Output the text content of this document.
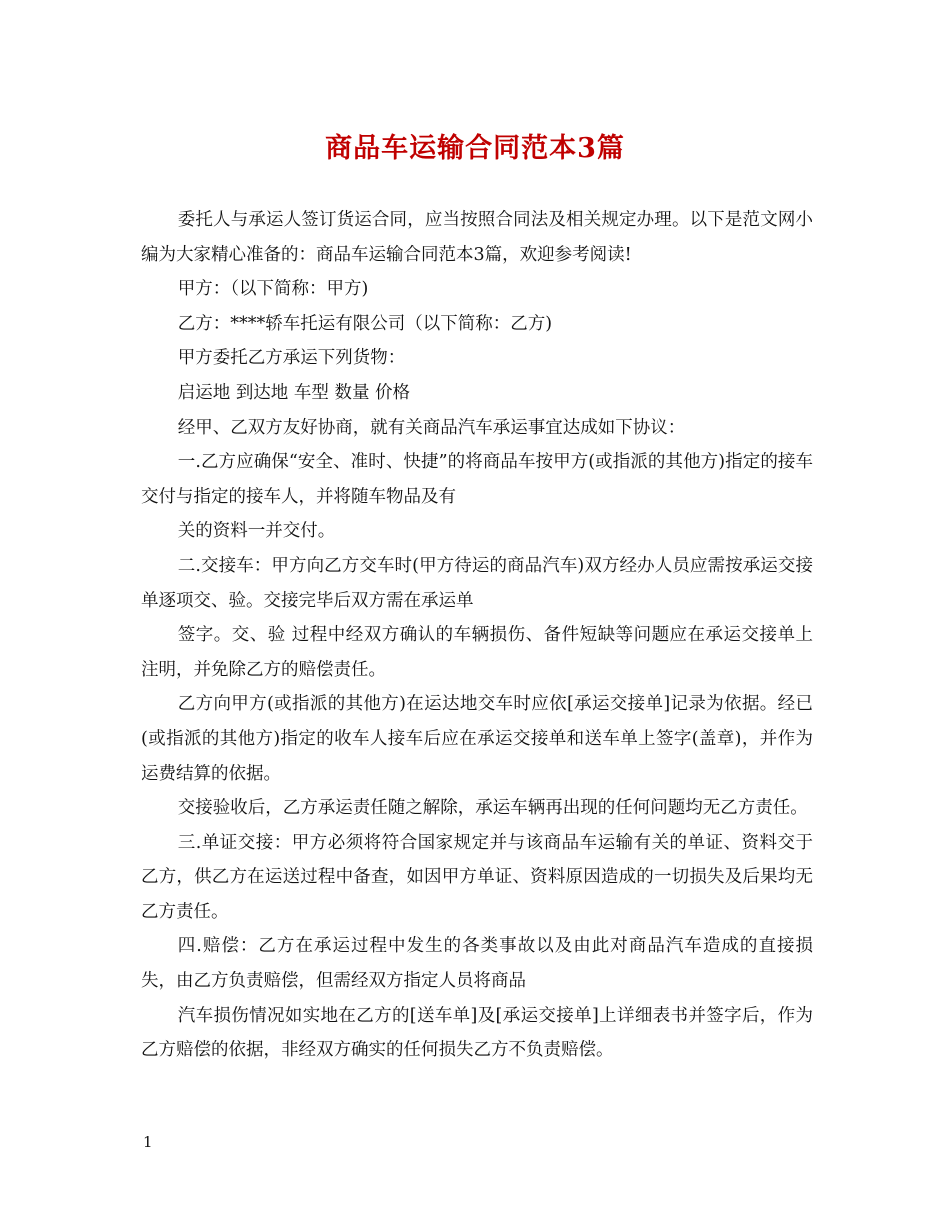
商品车运输合同范本3篇

委托人与承运人签订货运合同，应当按照合同法及相关规定办理。以下是范文网小编为大家精心准备的：商品车运输合同范本3篇，欢迎参考阅读!

甲方：（以下简称：甲方)

乙方：****轿车托运有限公司（以下简称：乙方)

甲方委托乙方承运下列货物：

启运地 到达地 车型 数量 价格

经甲、乙双方友好协商，就有关商品汽车承运事宜达成如下协议：

一.乙方应确保“安全、准时、快捷”的将商品车按甲方(或指派的其他方)指定的接车交付与指定的接车人，并将随车物品及有

关的资料一并交付。

二.交接车：甲方向乙方交车时(甲方待运的商品汽车)双方经办人员应需按承运交接单逐项交、验。交接完毕后双方需在承运单

签字。交、验 过程中经双方确认的车辆损伤、备件短缺等问题应在承运交接单上注明，并免除乙方的赔偿责任。

乙方向甲方(或指派的其他方)在运达地交车时应依[承运交接单]记录为依据。经已(或指派的其他方)指定的收车人接车后应在承运交接单和送车单上签字(盖章)，并作为运费结算的依据。

交接验收后，乙方承运责任随之解除，承运车辆再出现的任何问题均无乙方责任。

三.单证交接：甲方必须将符合国家规定并与该商品车运输有关的单证、资料交于乙方，供乙方在运送过程中备查，如因甲方单证、资料原因造成的一切损失及后果均无乙方责任。

四.赔偿：乙方在承运过程中发生的各类事故以及由此对商品汽车造成的直接损失，由乙方负责赔偿，但需经双方指定人员将商品

汽车损伤情况如实地在乙方的[送车单]及[承运交接单]上详细表书并签字后，作为乙方赔偿的依据，非经双方确实的任何损失乙方不负责赔偿。

1
